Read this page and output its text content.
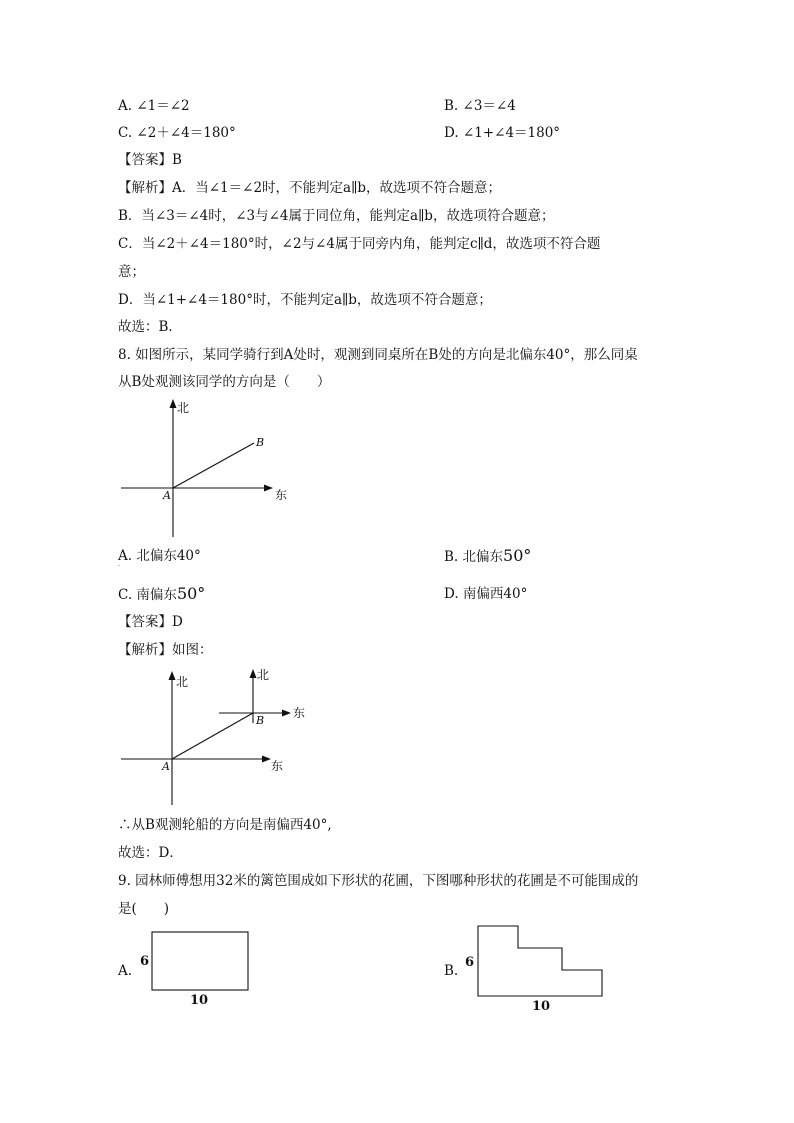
A. ∠1＝∠2	B. ∠3＝∠4
C. ∠2＋∠4＝180°	D. ∠1+∠4＝180°
【答案】B
【解析】A．当∠1＝∠2时，不能判定a∥b，故选项不符合题意；
B．当∠3＝∠4时，∠3与∠4属于同位角，能判定a∥b，故选项符合题意；
C．当∠2＋∠4＝180°时，∠2与∠4属于同旁内角，能判定c∥d，故选项不符合题
意；
D．当∠1+∠4＝180°时，不能判定a∥b，故选项不符合题意；
故选：B．
8. 如图所示，某同学骑行到A处时，观测到同桌所在B处的方向是北偏东40°，那么同桌
从B处观测该同学的方向是（　　）
北
东
A
B
A. 北偏东40°
·
B. 北偏东50°
C. 南偏东50°	D. 南偏西40°
【答案】D
【解析】如图：
北
东
北
东
A
B
∴从B观测轮船的方向是南偏西40°,
故选：D．
9. 园林师傅想用32米的篱笆围成如下形状的花圃，下图哪种形状的花圃是不可能围成的
是(　　)
A.
6
10
B.
6
10
